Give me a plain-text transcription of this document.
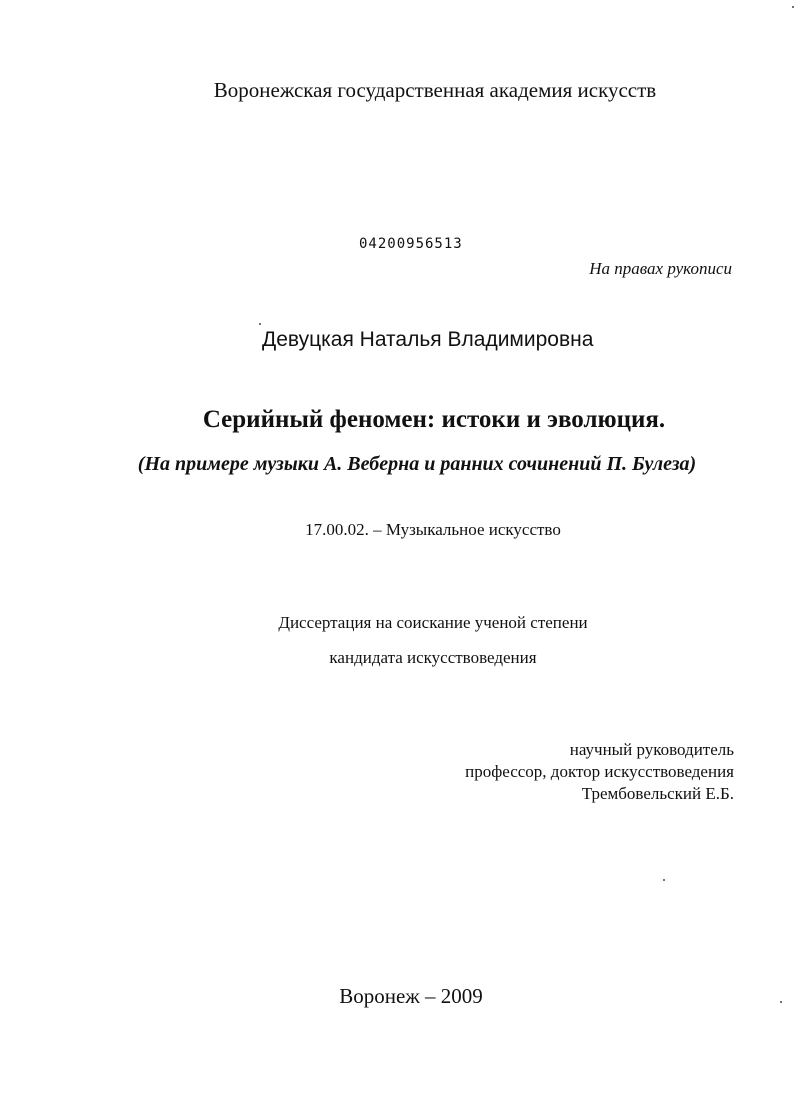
Воронежская государственная академия искусств
04200956513
На правах рукописи
Девуцкая Наталья Владимировна
Серийный феномен: истоки и эволюция.
(На примере музыки А. Веберна и ранних сочинений П. Булеза)
17.00.02. – Музыкальное искусство
Диссертация на соискание ученой степени
кандидата искусствоведения
научный руководитель
профессор, доктор искусствоведения
Трембовельский Е.Б.
Воронеж – 2009
